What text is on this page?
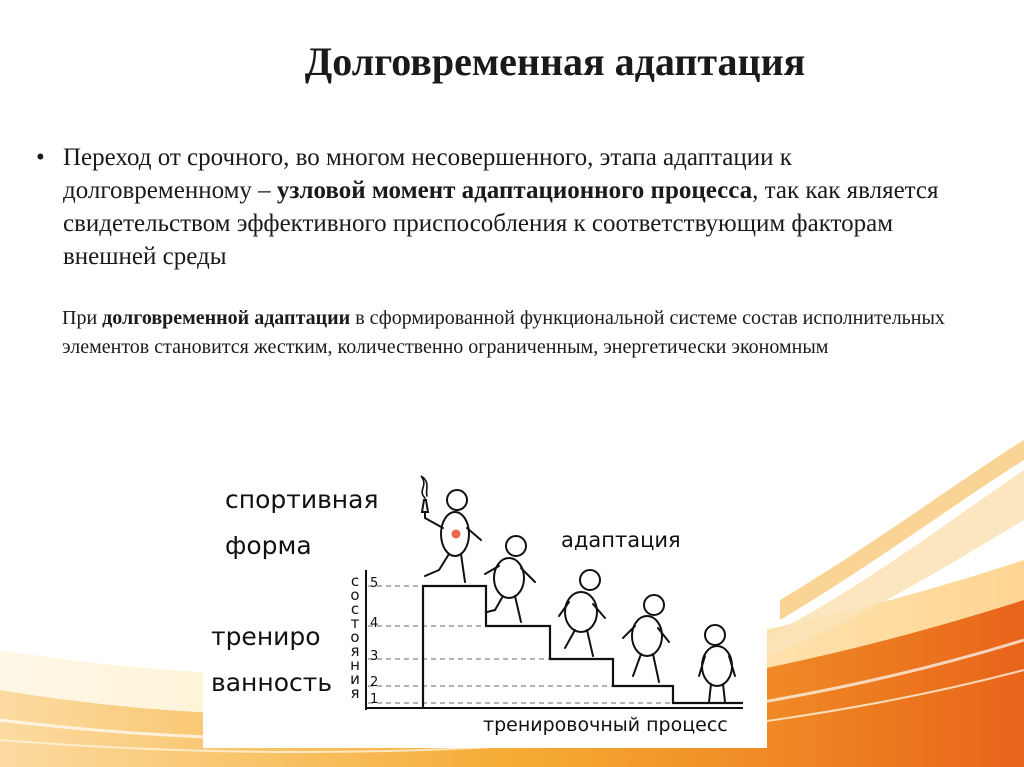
Долговременная адаптация
• Переход от срочного, во многом несовершенного, этапа адаптации к долговременному – узловой момент адаптационного процесса, так как является свидетельством эффективного приспособления к соответствующим факторам внешней среды
При долговременной адаптации в сформированной функциональной системе состав исполнительных элементов становится жестким, количественно ограниченным, энергетически экономным
спортивная
форма	адаптация
трениро
ванность
тренировочный процесс
с
о
с
т
о
я
н
и
я
5
4
3
2
1
